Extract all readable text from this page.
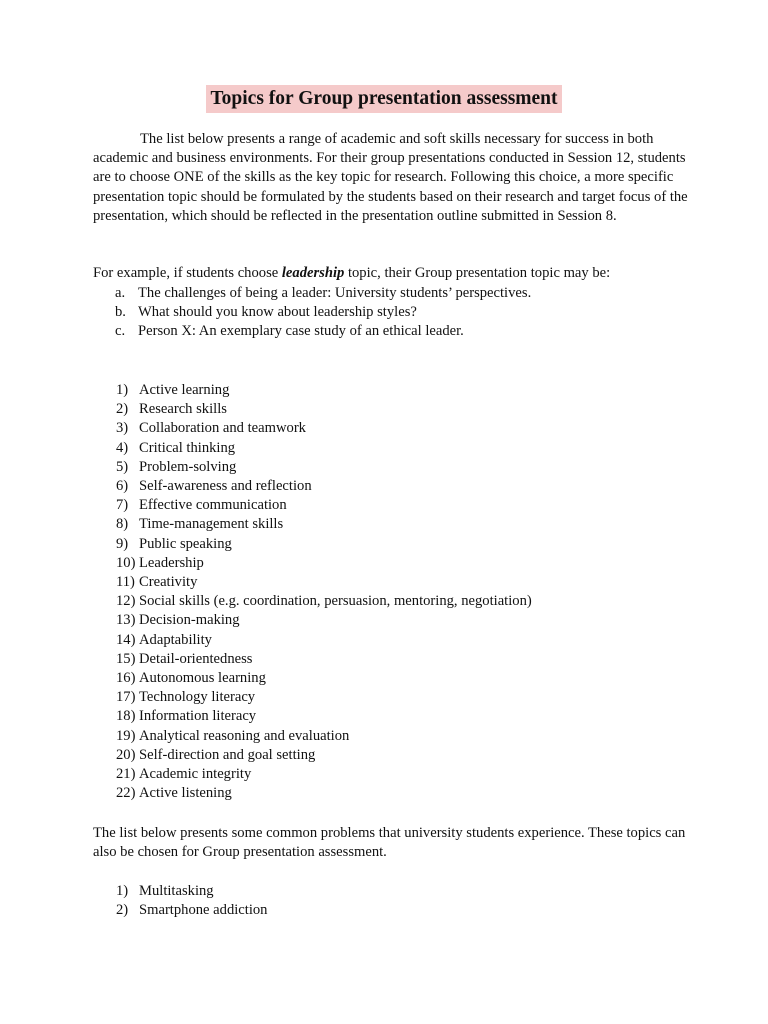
Topics for Group presentation assessment

The list below presents a range of academic and soft skills necessary for success in both academic and business environments. For their group presentations conducted in Session 12, students are to choose ONE of the skills as the key topic for research. Following this choice, a more specific presentation topic should be formulated by the students based on their research and target focus of the presentation, which should be reflected in the presentation outline submitted in Session 8.

For example, if students choose leadership topic, their Group presentation topic may be:

a. The challenges of being a leader: University students’ perspectives.
b. What should you know about leadership styles?
c. Person X: An exemplary case study of an ethical leader.
1) Active learning
2) Research skills
3) Collaboration and teamwork
4) Critical thinking
5) Problem-solving
6) Self-awareness and reflection
7) Effective communication
8) Time-management skills
9) Public speaking
10) Leadership
11) Creativity
12) Social skills (e.g. coordination, persuasion, mentoring, negotiation)
13) Decision-making
14) Adaptability
15) Detail-orientedness
16) Autonomous learning
17) Technology literacy
18) Information literacy
19) Analytical reasoning and evaluation
20) Self-direction and goal setting
21) Academic integrity
22) Active listening

The list below presents some common problems that university students experience. These topics can also be chosen for Group presentation assessment.

1) Multitasking
2) Smartphone addiction
